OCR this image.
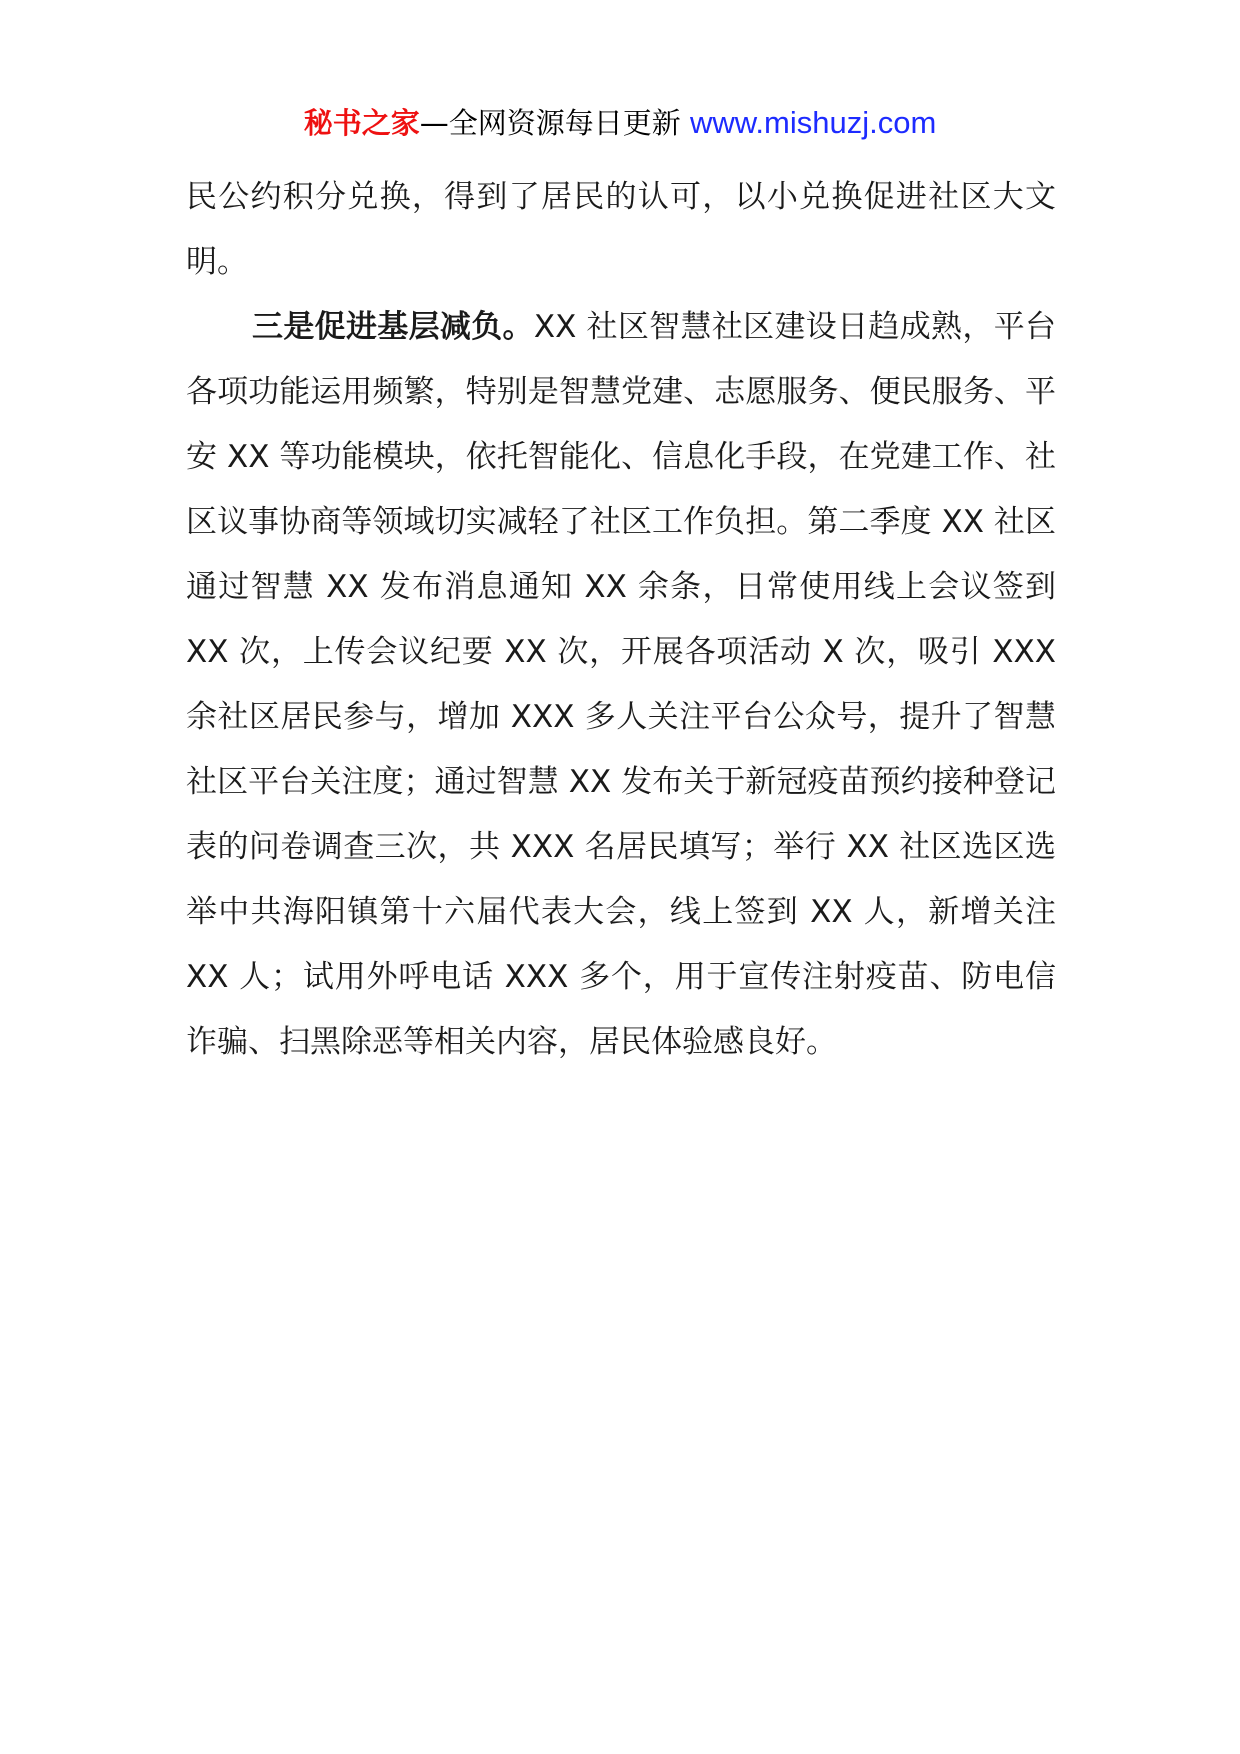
秘书之家—全网资源每日更新 www.mishuzj.com

民公约积分兑换，得到了居民的认可，以小兑换促进社区大文明。

三是促进基层减负。XX 社区智慧社区建设日趋成熟，平台各项功能运用频繁，特别是智慧党建、志愿服务、便民服务、平安 XX 等功能模块，依托智能化、信息化手段，在党建工作、社区议事协商等领域切实减轻了社区工作负担。第二季度 XX 社区通过智慧 XX 发布消息通知 XX 余条，日常使用线上会议签到 XX 次，上传会议纪要 XX 次，开展各项活动 X 次，吸引 XXX 余社区居民参与，增加 XXX 多人关注平台公众号，提升了智慧社区平台关注度；通过智慧 XX 发布关于新冠疫苗预约接种登记表的问卷调查三次，共 XXX 名居民填写；举行 XX 社区选区选举中共海阳镇第十六届代表大会，线上签到 XX 人，新增关注 XX 人；试用外呼电话 XXX 多个，用于宣传注射疫苗、防电信诈骗、扫黑除恶等相关内容，居民体验感良好。
